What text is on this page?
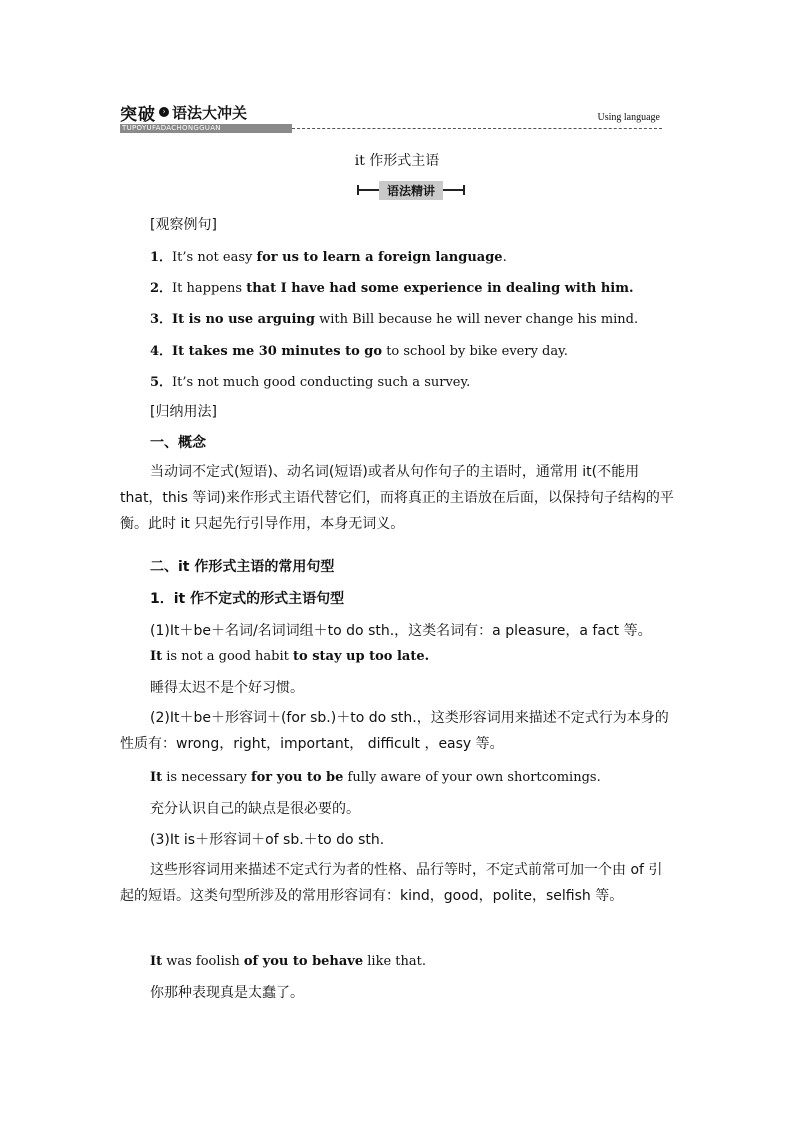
突破 › 语法大冲关
TUPOYUFADACHONGGUAN
Using language
it 作形式主语
语法精讲
[观察例句]
1．It’s not easy for us to learn a foreign language.
2．It happens that I have had some experience in dealing with him.
3．It is no use arguing with Bill because he will never change his mind.
4．It takes me 30 minutes to go to school by bike every day.
5．It’s not much good conducting such a survey.
[归纳用法]
一、概念
当动词不定式(短语)、动名词(短语)或者从句作句子的主语时，通常用 it(不能用 that，this 等词)来作形式主语代替它们，而将真正的主语放在后面，以保持句子结构的平衡。此时 it 只起先行引导作用，本身无词义。
二、it 作形式主语的常用句型
1．it 作不定式的形式主语句型
(1)It＋be＋名词/名词词组＋to do sth.，这类名词有：a pleasure，a fact 等。
It is not a good habit to stay up too late.
睡得太迟不是个好习惯。
(2)It＋be＋形容词＋(for sb.)＋to do sth.，这类形容词用来描述不定式行为本身的性质有：wrong，right，important， difficult ，easy 等。
It is necessary for you to be fully aware of your own shortcomings.
充分认识自己的缺点是很必要的。
(3)It is＋形容词＋of sb.＋to do sth.
这些形容词用来描述不定式行为者的性格、品行等时，不定式前常可加一个由 of 引起的短语。这类句型所涉及的常用形容词有：kind，good，polite，selfish 等。
It was foolish of you to behave like that.
你那种表现真是太蠢了。
